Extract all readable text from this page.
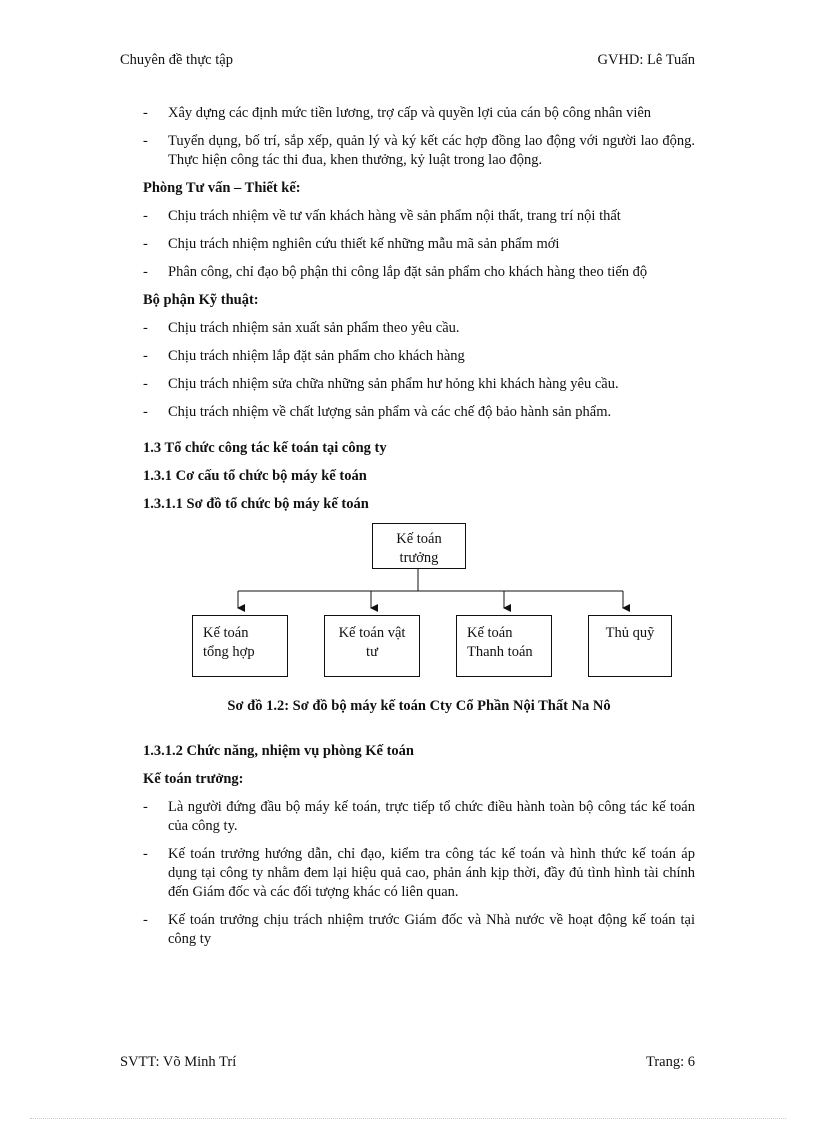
Chuyên đề thực tập	GVHD: Lê Tuấn
- Xây dựng các định mức tiền lương, trợ cấp và quyền lợi của cán bộ công nhân viên
- Tuyển dụng, bố trí, sắp xếp, quản lý và ký kết các hợp đồng lao động với người lao động. Thực hiện công tác thi đua, khen thưởng, kỷ luật trong lao động.
Phòng Tư vấn – Thiết kế:
- Chịu trách nhiệm về tư vấn khách hàng về sản phẩm nội thất, trang trí nội thất
- Chịu trách nhiệm nghiên cứu thiết kế những mẫu mã sản phẩm mới
- Phân công, chỉ đạo bộ phận thi công lắp đặt sản phẩm cho khách hàng theo tiến độ
Bộ phận Kỹ thuật:
- Chịu trách nhiệm sản xuất sản phẩm theo yêu cầu.
- Chịu trách nhiệm lắp đặt sản phẩm cho khách hàng
- Chịu trách nhiệm sửa chữa những sản phẩm hư hỏng khi khách hàng yêu cầu.
- Chịu trách nhiệm về chất lượng sản phẩm và các chế độ bảo hành sản phẩm.
1.3 Tổ chức công tác kế toán tại công ty
1.3.1 Cơ cấu tổ chức bộ máy kế toán
1.3.1.1 Sơ đồ tổ chức bộ máy kế toán
Kế toán
trưởng
Kế toán
tổng hợp
Kế toán vật
tư
Kế toán
Thanh toán
Thủ quỹ
Sơ đồ 1.2: Sơ đồ bộ máy kế toán Cty Cổ Phần Nội Thất Na Nô
1.3.1.2 Chức năng, nhiệm vụ phòng Kế toán
Kế toán trưởng:
- Là người đứng đầu bộ máy kế toán, trực tiếp tổ chức điều hành toàn bộ công tác kế toán của công ty.
- Kế toán trưởng hướng dẫn, chỉ đạo, kiểm tra công tác kế toán và hình thức kế toán áp dụng tại công ty nhằm đem lại hiệu quả cao, phản ánh kịp thời, đầy đủ tình hình tài chính đến Giám đốc và các đối tượng khác có liên quan.
- Kế toán trưởng chịu trách nhiệm trước Giám đốc và Nhà nước về hoạt động kế toán tại công ty
SVTT: Võ Minh Trí	Trang: 6
